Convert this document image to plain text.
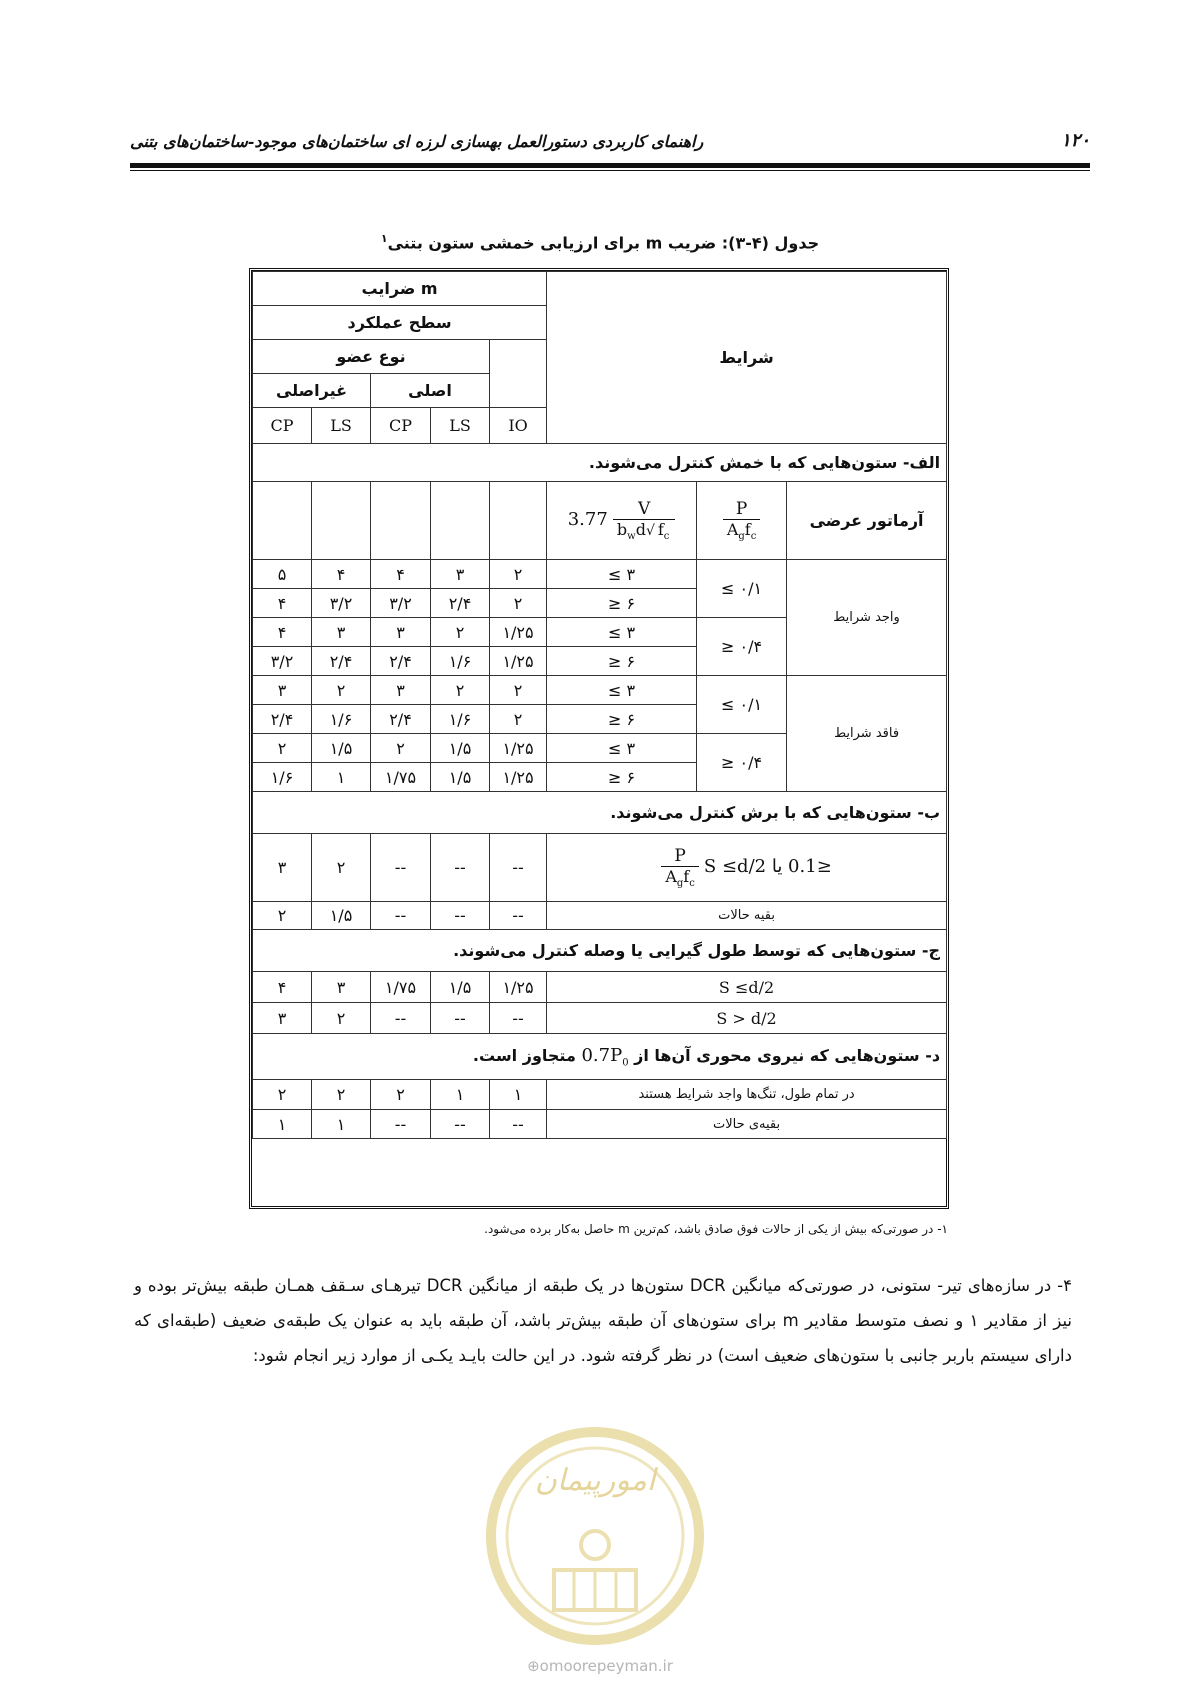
۱۲۰
راهنمای کاربردی دستورالعمل بهسازی لرزه ای ساختمان‌های موجود-ساختمان‌های بتنی
جدول (۴-۳): ضریب m برای ارزیابی خمشی ستون بتنی$^۱$
ضرایب m					شرایط		
سطح عملکرد							
نوع عضو							
غیراصلی		اصلی					
CP	LS	CP	LS	IO			
الف- ستون‌هایی که با خمش کنترل می‌شوند.							
					$3.77 \frac{V}{b_wd√ f_c}$	$\frac{P}{A_gf_c}$	آرماتور عرضی
۵	۴	۴	۳	۲	≤ ۳	≤ ۰/۱	واجد شرایط
۴	۳/۲	۳/۲	۲/۴	۲	≥ ۶		
۴	۳	۳	۲	۱/۲۵	≤ ۳	≥ ۰/۴	
۳/۲	۲/۴	۲/۴	۱/۶	۱/۲۵	≥ ۶		
۳	۲	۳	۲	۲	≤ ۳	≤ ۰/۱	فاقد شرایط
۲/۴	۱/۶	۲/۴	۱/۶	۲	≥ ۶		
۲	۱/۵	۲	۱/۵	۱/۲۵	≤ ۳	≥ ۰/۴	
۱/۶	۱	۱/۷۵	۱/۵	۱/۲۵	≥ ۶		
ب- ستون‌هایی که با برش کنترل می‌شوند.							
۳	۲	--	--	--	$\frac{P}{A_gf_c} \le 0.1$ یا S ≤d/2		
۲	۱/۵	--	--	--	بقیه حالات		
ج- ستون‌هایی که توسط طول گیرایی یا وصله کنترل می‌شوند.							
۴	۳	۱/۷۵	۱/۵	۱/۲۵	S ≤d/2		
۳	۲	--	--	--	S > d/2		
د- ستون‌هایی که نیروی محوری آن‌ها از $0.7P_0$ متجاوز است.							
۲	۲	۲	۱	۱	در تمام طول، تنگ‌ها واجد شرایط هستند		
۱	۱	--	--	--	بقیه‌ی حالات		
۱- در صورتی‌که بیش از یکی از حالات فوق صادق باشد، کم‌ترین m حاصل به‌کار برده می‌شود.
۴- در سازه‌های تیر- ستونی، در صورتی‌که میانگین DCR ستون‌ها در یک طبقه از میانگین DCR تیرهـای سـقف همـان طبقه بیش‌تر بوده و نیز از مقادیر ۱ و نصف متوسط مقادیر m برای ستون‌های آن طبقه بیش‌تر باشد، آن طبقه باید به عنوان یک طبقه‌ی ضعیف (طبقه‌ای که دارای سیستم باربر جانبی با ستون‌های ضعیف است) در نظر گرفته شود. در این حالت بایـد یکـی از موارد زیر انجام شود:
امورپیمان
⊕omoorepeyman.ir
